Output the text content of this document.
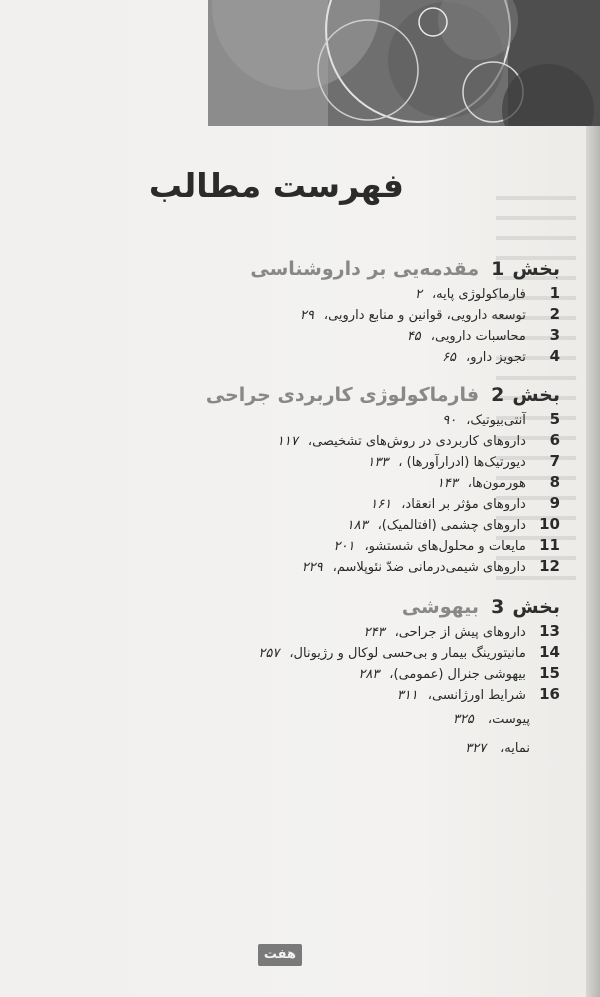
فهرست مطالب
بخش1مقدمه‌یی بر داروشناسی
1 فارماکولوژی پایه،۲
2 توسعه دارویی، قوانین و منابع دارویی،۲۹
3 محاسبات دارویی،۴۵
4 تجویز دارو،۶۵
بخش2فارماکولوژی کاربردی جراحی
5 آنتی‌بیوتیک،۹۰
6 داروهای کاربردی در روش‌های تشخیصی،۱۱۷
7 دیورتیک‌ها (ادرارآورها) ،۱۳۳
8 هورمون‌ها،۱۴۳
9 داروهای مؤثر بر انعقاد،۱۶۱
10 داروهای چشمی (افتالمیک)،۱۸۳
11 مایعات و محلول‌های شستشو،۲۰۱
12 داروهای شیمی‌درمانی ضدّ نئوپلاسم،۲۲۹
بخش3بیهوشی
13 داروهای پیش از جراحی،۲۴۳
14 مانیتورینگ بیمار و بی‌حسی لوکال و رژیونال،۲۵۷
15 بیهوشی جنرال (عمومی)،۲۸۳
16 شرایط اورژانسی،۳۱۱
پیوست،۳۲۵
نمایه،۳۲۷
هفت
